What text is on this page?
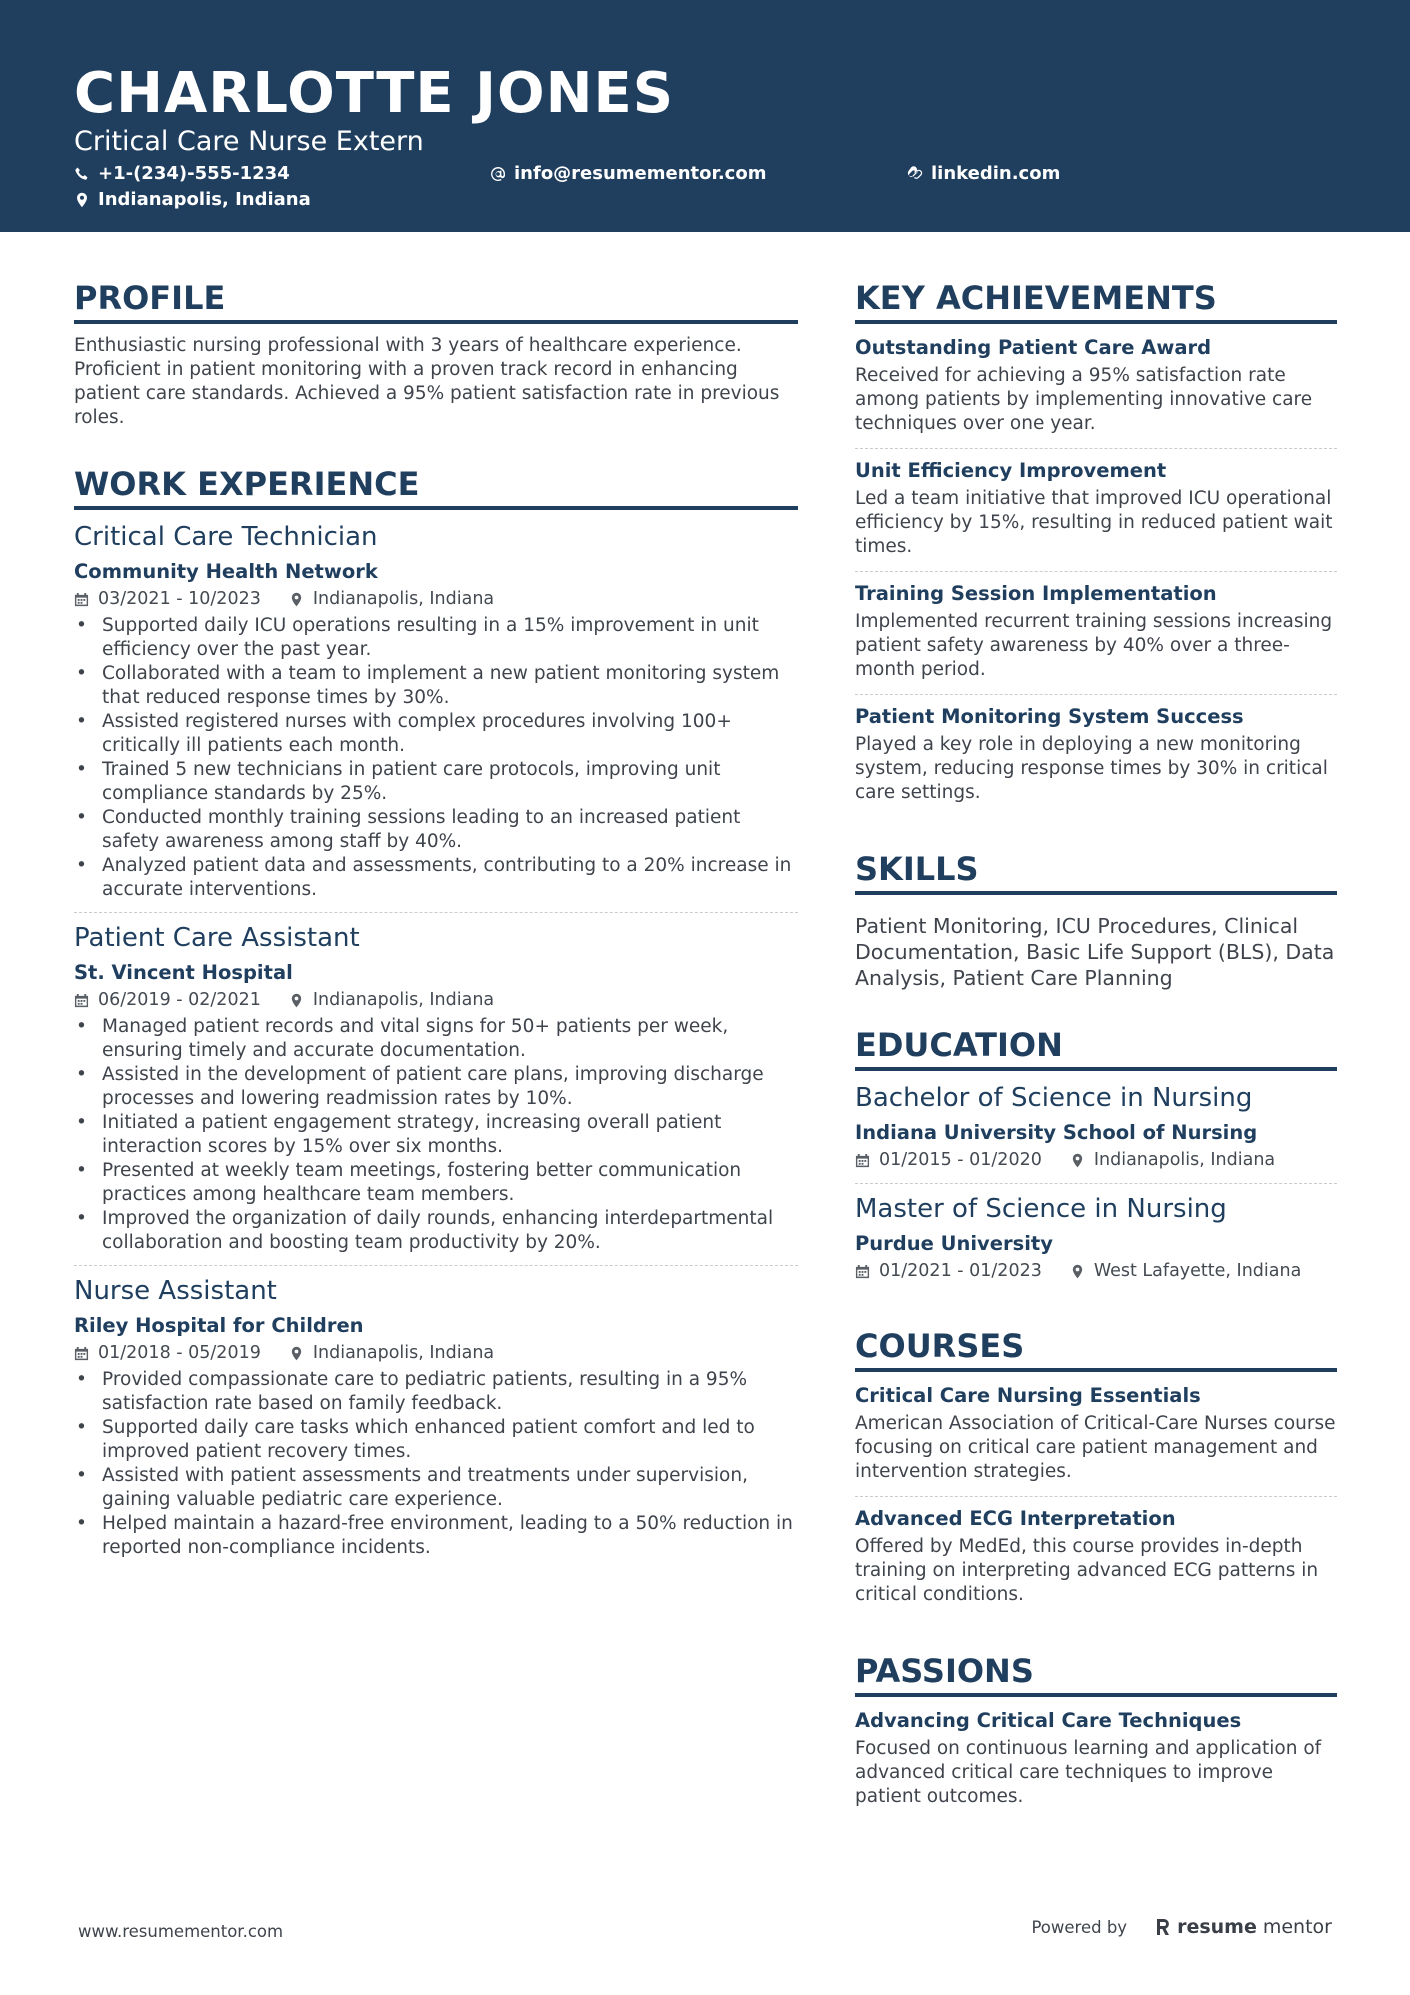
CHARLOTTE JONES
Critical Care Nurse Extern
+1-(234)-555-1234	info@resumementor.com	linkedin.com
Indianapolis, Indiana
PROFILE
Enthusiastic nursing professional with 3 years of healthcare experience. Proficient in patient monitoring with a proven track record in enhancing patient care standards. Achieved a 95% patient satisfaction rate in previous roles.
WORK EXPERIENCE
Critical Care Technician
Community Health Network
03/2021 - 10/2023	Indianapolis, Indiana
• Supported daily ICU operations resulting in a 15% improvement in unit efficiency over the past year.
• Collaborated with a team to implement a new patient monitoring system that reduced response times by 30%.
• Assisted registered nurses with complex procedures involving 100+ critically ill patients each month.
• Trained 5 new technicians in patient care protocols, improving unit compliance standards by 25%.
• Conducted monthly training sessions leading to an increased patient safety awareness among staff by 40%.
• Analyzed patient data and assessments, contributing to a 20% increase in accurate interventions.
Patient Care Assistant
St. Vincent Hospital
06/2019 - 02/2021	Indianapolis, Indiana
• Managed patient records and vital signs for 50+ patients per week, ensuring timely and accurate documentation.
• Assisted in the development of patient care plans, improving discharge processes and lowering readmission rates by 10%.
• Initiated a patient engagement strategy, increasing overall patient interaction scores by 15% over six months.
• Presented at weekly team meetings, fostering better communication practices among healthcare team members.
• Improved the organization of daily rounds, enhancing interdepartmental collaboration and boosting team productivity by 20%.
Nurse Assistant
Riley Hospital for Children
01/2018 - 05/2019	Indianapolis, Indiana
• Provided compassionate care to pediatric patients, resulting in a 95% satisfaction rate based on family feedback.
• Supported daily care tasks which enhanced patient comfort and led to improved patient recovery times.
• Assisted with patient assessments and treatments under supervision, gaining valuable pediatric care experience.
• Helped maintain a hazard-free environment, leading to a 50% reduction in reported non-compliance incidents.
KEY ACHIEVEMENTS
Outstanding Patient Care Award
Received for achieving a 95% satisfaction rate among patients by implementing innovative care techniques over one year.
Unit Efficiency Improvement
Led a team initiative that improved ICU operational efficiency by 15%, resulting in reduced patient wait times.
Training Session Implementation
Implemented recurrent training sessions increasing patient safety awareness by 40% over a three-month period.
Patient Monitoring System Success
Played a key role in deploying a new monitoring system, reducing response times by 30% in critical care settings.
SKILLS
Patient Monitoring, ICU Procedures, Clinical Documentation, Basic Life Support (BLS), Data Analysis, Patient Care Planning
EDUCATION
Bachelor of Science in Nursing
Indiana University School of Nursing
01/2015 - 01/2020	Indianapolis, Indiana
Master of Science in Nursing
Purdue University
01/2021 - 01/2023	West Lafayette, Indiana
COURSES
Critical Care Nursing Essentials
American Association of Critical-Care Nurses course focusing on critical care patient management and intervention strategies.
Advanced ECG Interpretation
Offered by MedEd, this course provides in-depth training on interpreting advanced ECG patterns in critical conditions.
PASSIONS
Advancing Critical Care Techniques
Focused on continuous learning and application of advanced critical care techniques to improve patient outcomes.
www.resumementor.com	Powered by	resume mentor
